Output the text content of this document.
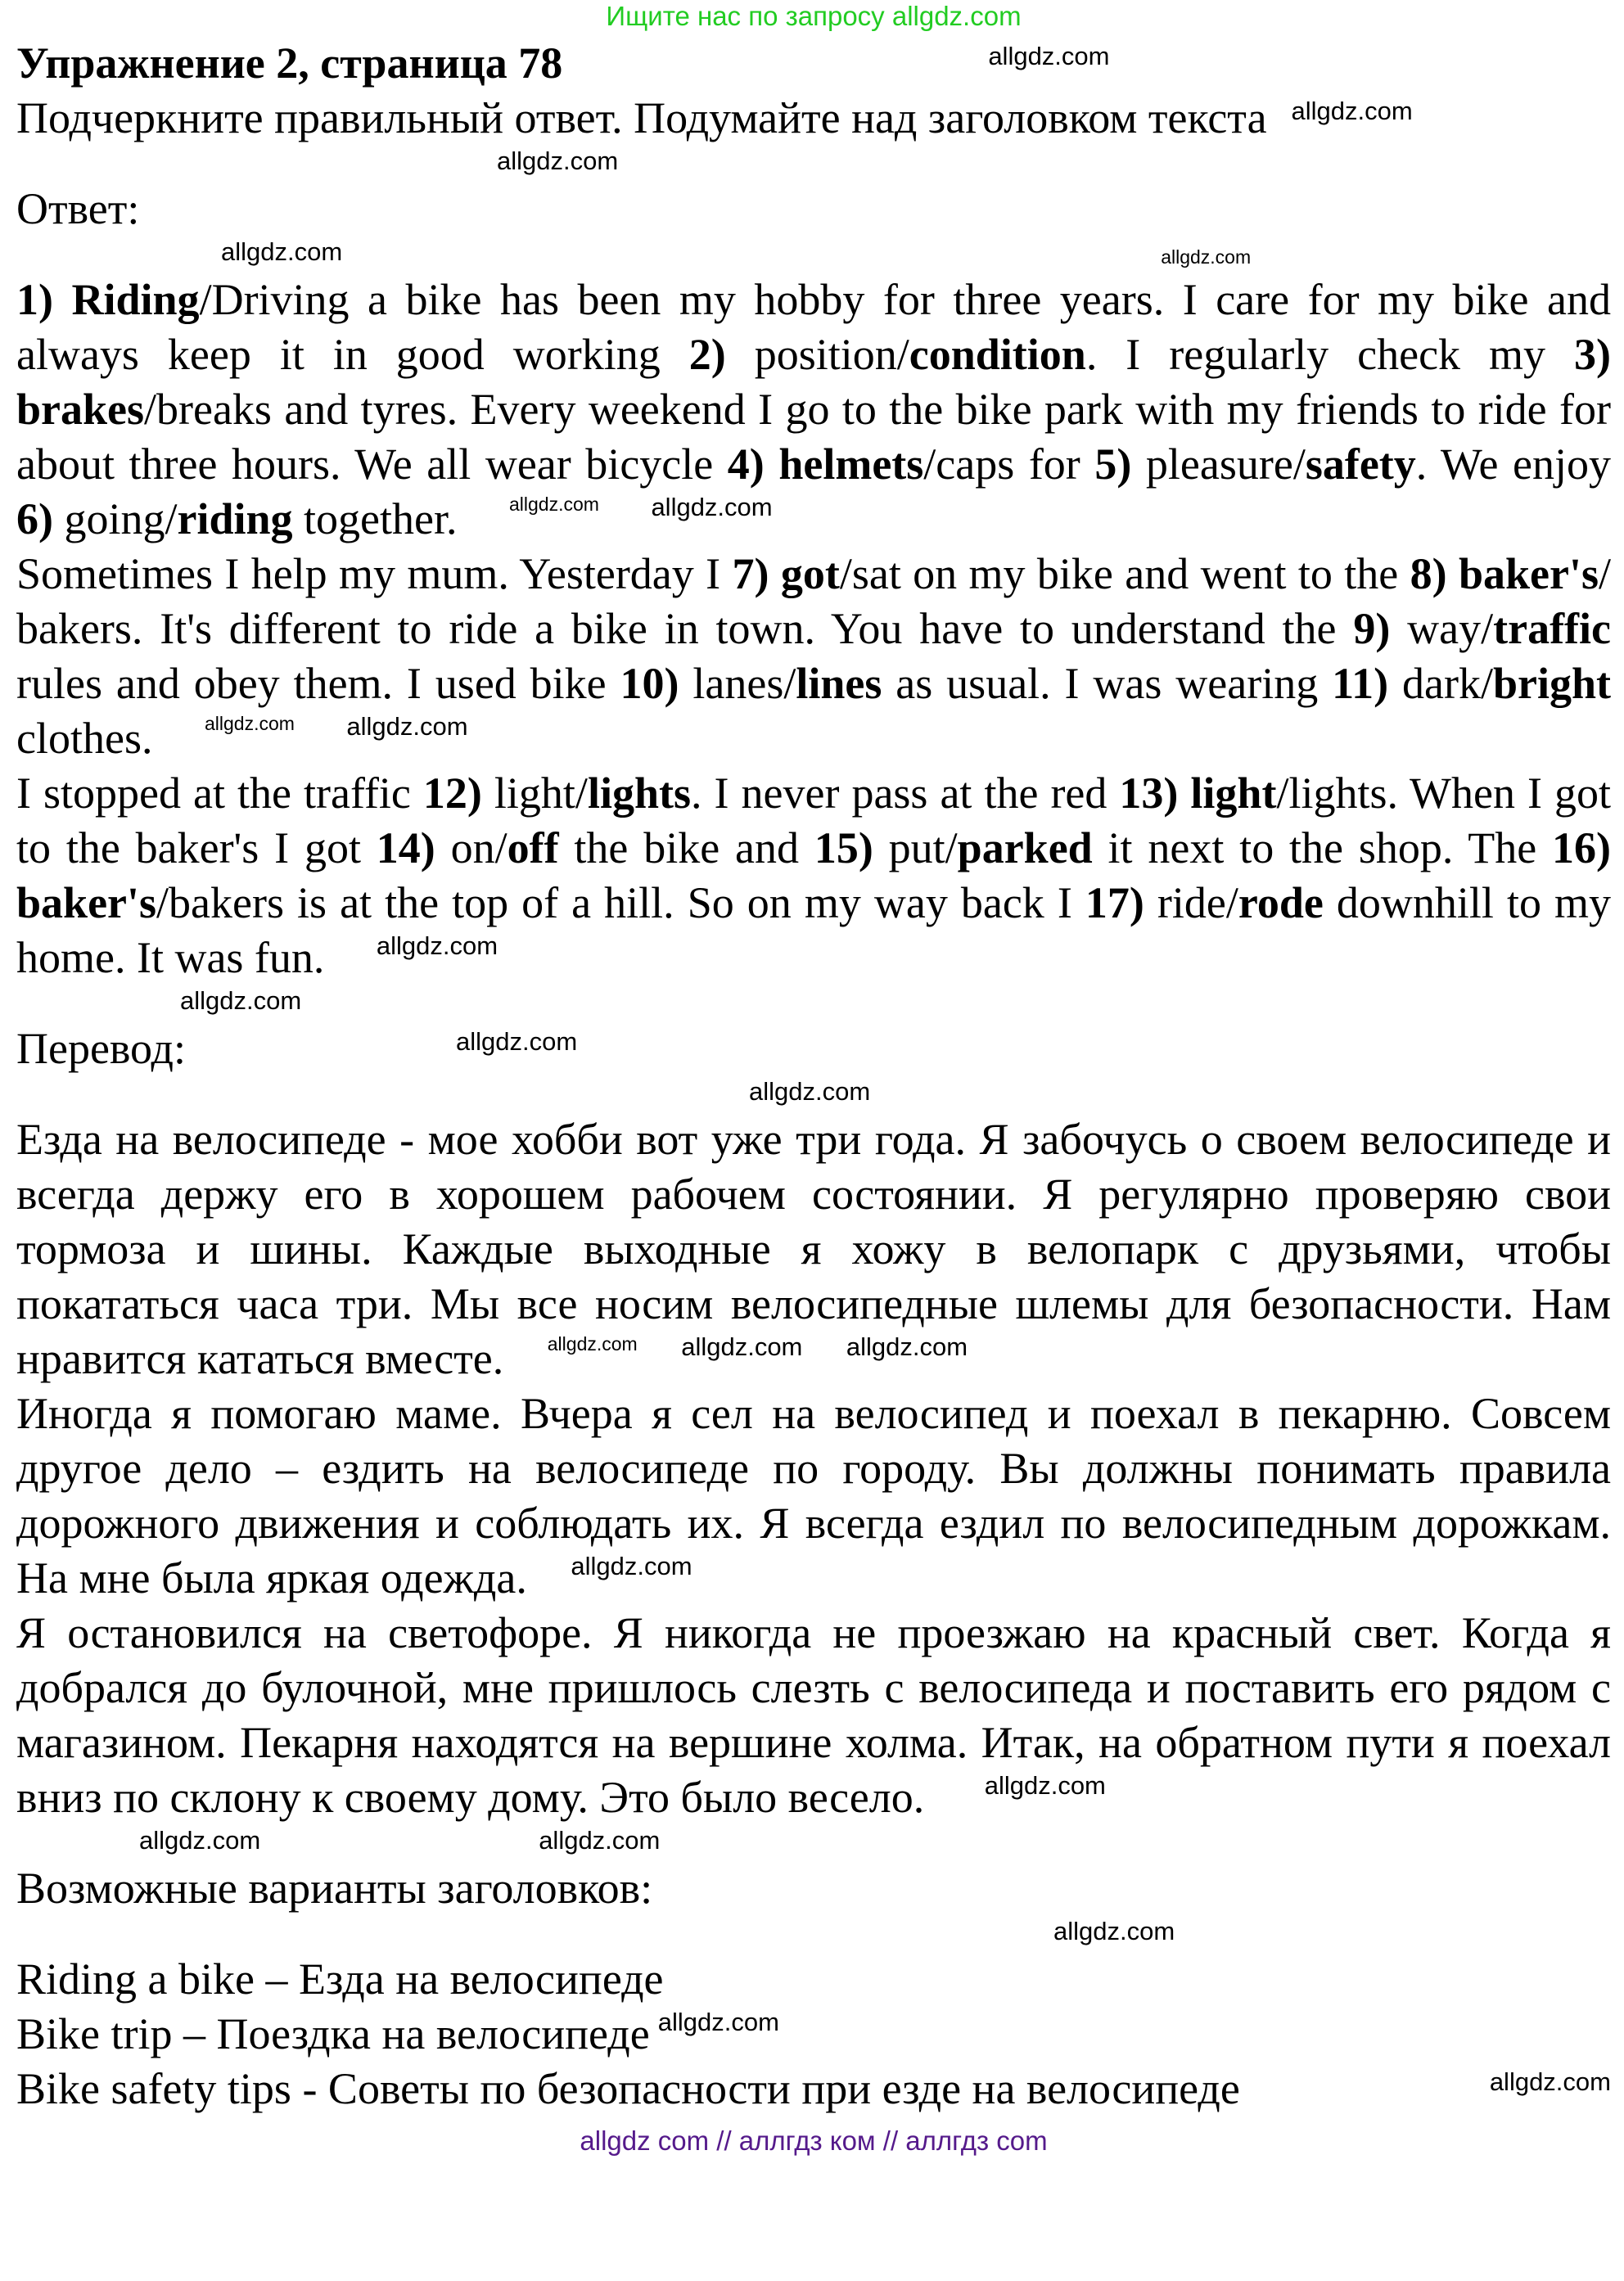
Ищите нас по запросу allgdz.com
Упражнение 2, страница 78	allgdz.com
Подчеркните правильный ответ. Подумайте над заголовком текста allgdz.com
allgdz.com
Ответ:
allgdz.com	allgdz.com

1) Riding/Driving a bike has been my hobby for three years. I care for my bike and always keep it in good working 2) position/condition. I regularly check my 3) brakes/breaks and tyres. Every weekend I go to the bike park with my friends to ride for about three hours. We all wear bicycle 4) helmets/caps for 5) pleasure/safety. We enjoy 6) going/riding together.	allgdz.com allgdz.com

Sometimes I help my mum. Yesterday I 7) got/sat on my bike and went to the 8) baker's/ bakers. It's different to ride a bike in town. You have to understand the 9) way/traffic rules and obey them. I used bike 10) lanes/lines as usual. I was wearing 11) dark/bright clothes.	allgdz.com allgdz.com

I stopped at the traffic 12) light/lights. I never pass at the red 13) light/lights. When I got to the baker's I got 14) on/off the bike and 15) put/parked it next to the shop. The 16) baker's/bakers is at the top of a hill. So on my way back I 17) ride/rode downhill to my home. It was fun. allgdz.com

allgdz.com
Перевод:	allgdz.com
allgdz.com

Езда на велосипеде - мое хобби вот уже три года. Я забочусь о своем велосипеде и всегда держу его в хорошем рабочем состоянии. Я регулярно проверяю свои тормоза и шины. Каждые выходные я хожу в велопарк с друзьями, чтобы покататься часа три. Мы все носим велосипедные шлемы для безопасности. Нам нравится кататься вместе. allgdz.com allgdz.com allgdz.com

Иногда я помогаю маме. Вчера я сел на велосипед и поехал в пекарню. Совсем другое дело – ездить на велосипеде по городу. Вы должны понимать правила дорожного движения и соблюдать их. Я всегда ездил по велосипедным дорожкам. На мне была яркая одежда. allgdz.com

Я остановился на светофоре. Я никогда не проезжаю на красный свет. Когда я добрался до булочной, мне пришлось слезть с велосипеда и поставить его рядом с магазином. Пекарня находятся на вершине холма. Итак, на обратном пути я поехал вниз по склону к своему дому. Это было весело. allgdz.com

allgdz.com	allgdz.com
Возможные варианты заголовков:
allgdz.com
Riding a bike – Езда на велосипеде
Bike trip – Поездка на велосипеде allgdz.com
Bike safety tips - Советы по безопасности при езде на велосипеде	allgdz.com
allgdz com // аллгдз ком // аллгдз com
